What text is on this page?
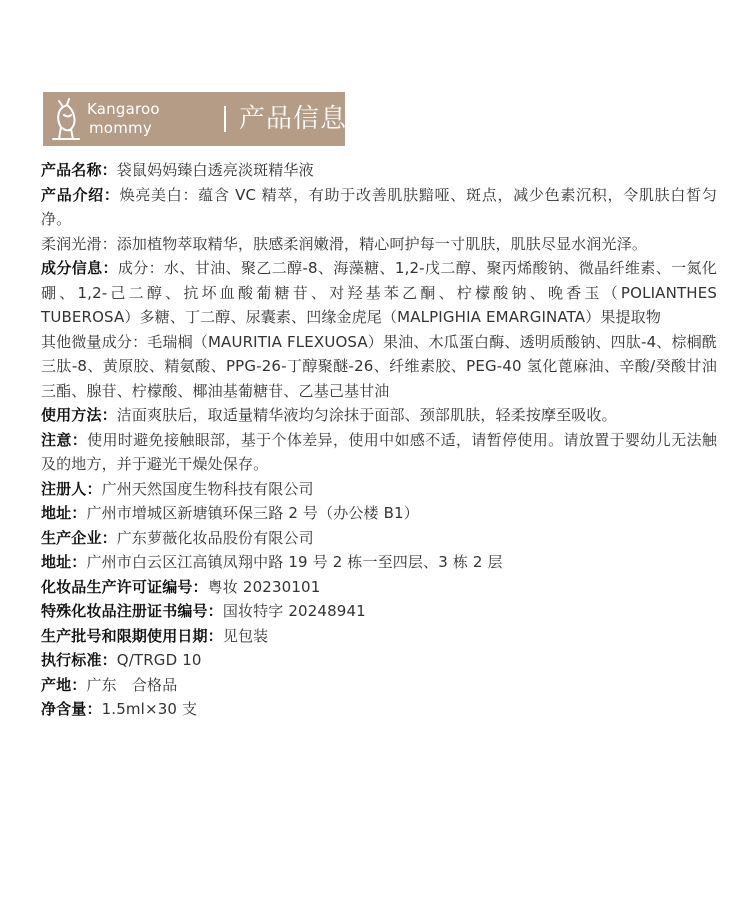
Kangaroo
mommy	产品信息

产品名称：袋鼠妈妈臻白透亮淡斑精华液

产品介绍：焕亮美白：蕴含 VC 精萃，有助于改善肌肤黯哑、斑点，减少色素沉积，令肌肤白皙匀净。

柔润光滑：添加植物萃取精华，肤感柔润嫩滑，精心呵护每一寸肌肤，肌肤尽显水润光泽。

成分信息：成分：水、甘油、聚乙二醇-8、海藻糖、1,2-戊二醇、聚丙烯酸钠、微晶纤维素、一氮化硼、1,2-己二醇、抗坏血酸葡糖苷、对羟基苯乙酮、柠檬酸钠、晚香玉（POLIANTHES TUBEROSA）多糖、丁二醇、尿囊素、凹缘金虎尾（MALPIGHIA EMARGINATA）果提取物

其他微量成分：毛瑞榈（MAURITIA FLEXUOSA）果油、木瓜蛋白酶、透明质酸钠、四肽-4、棕榈酰三肽-8、黄原胶、精氨酸、PPG-26-丁醇聚醚-26、纤维素胶、PEG-40 氢化蓖麻油、辛酸/癸酸甘油三酯、腺苷、柠檬酸、椰油基葡糖苷、乙基己基甘油

使用方法：洁面爽肤后，取适量精华液均匀涂抹于面部、颈部肌肤，轻柔按摩至吸收。

注意：使用时避免接触眼部，基于个体差异，使用中如感不适，请暂停使用。请放置于婴幼儿无法触及的地方，并于避光干燥处保存。

注册人：广州天然国度生物科技有限公司

地址：广州市增城区新塘镇环保三路 2 号（办公楼 B1）

生产企业：广东萝薇化妆品股份有限公司

地址：广州市白云区江高镇凤翔中路 19 号 2 栋一至四层、3 栋 2 层

化妆品生产许可证编号：粤妆 20230101

特殊化妆品注册证书编号：国妆特字 20248941

生产批号和限期使用日期：见包装

执行标准：Q/TRGD 10

产地：广东　合格品

净含量：1.5ml×30 支
